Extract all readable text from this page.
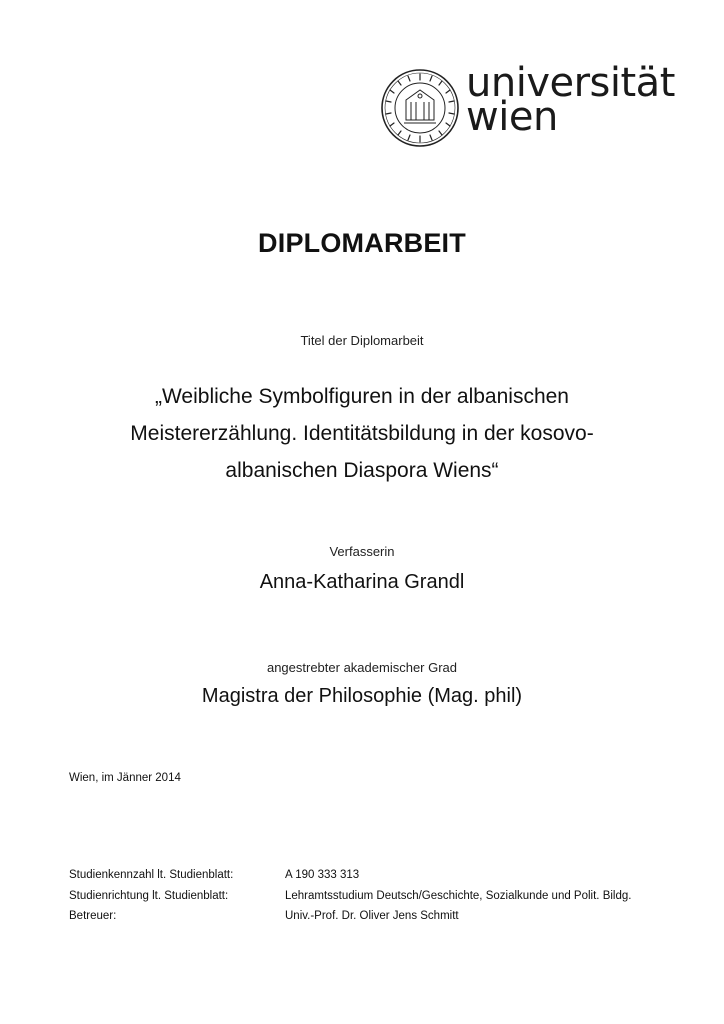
universität
wien
DIPLOMARBEIT
Titel der Diplomarbeit
„Weibliche Symbolfiguren in der albanischen
Meistererzählung. Identitätsbildung in der kosovo-
albanischen Diaspora Wiens“
Verfasserin
Anna-Katharina Grandl
angestrebter akademischer Grad
Magistra der Philosophie (Mag. phil)
Wien, im Jänner 2014
Studienkennzahl lt. Studienblatt:	A 190 333 313
Studienrichtung lt. Studienblatt:	Lehramtsstudium Deutsch/Geschichte, Sozialkunde und Polit. Bildg.
Betreuer:	Univ.-Prof. Dr. Oliver Jens Schmitt
